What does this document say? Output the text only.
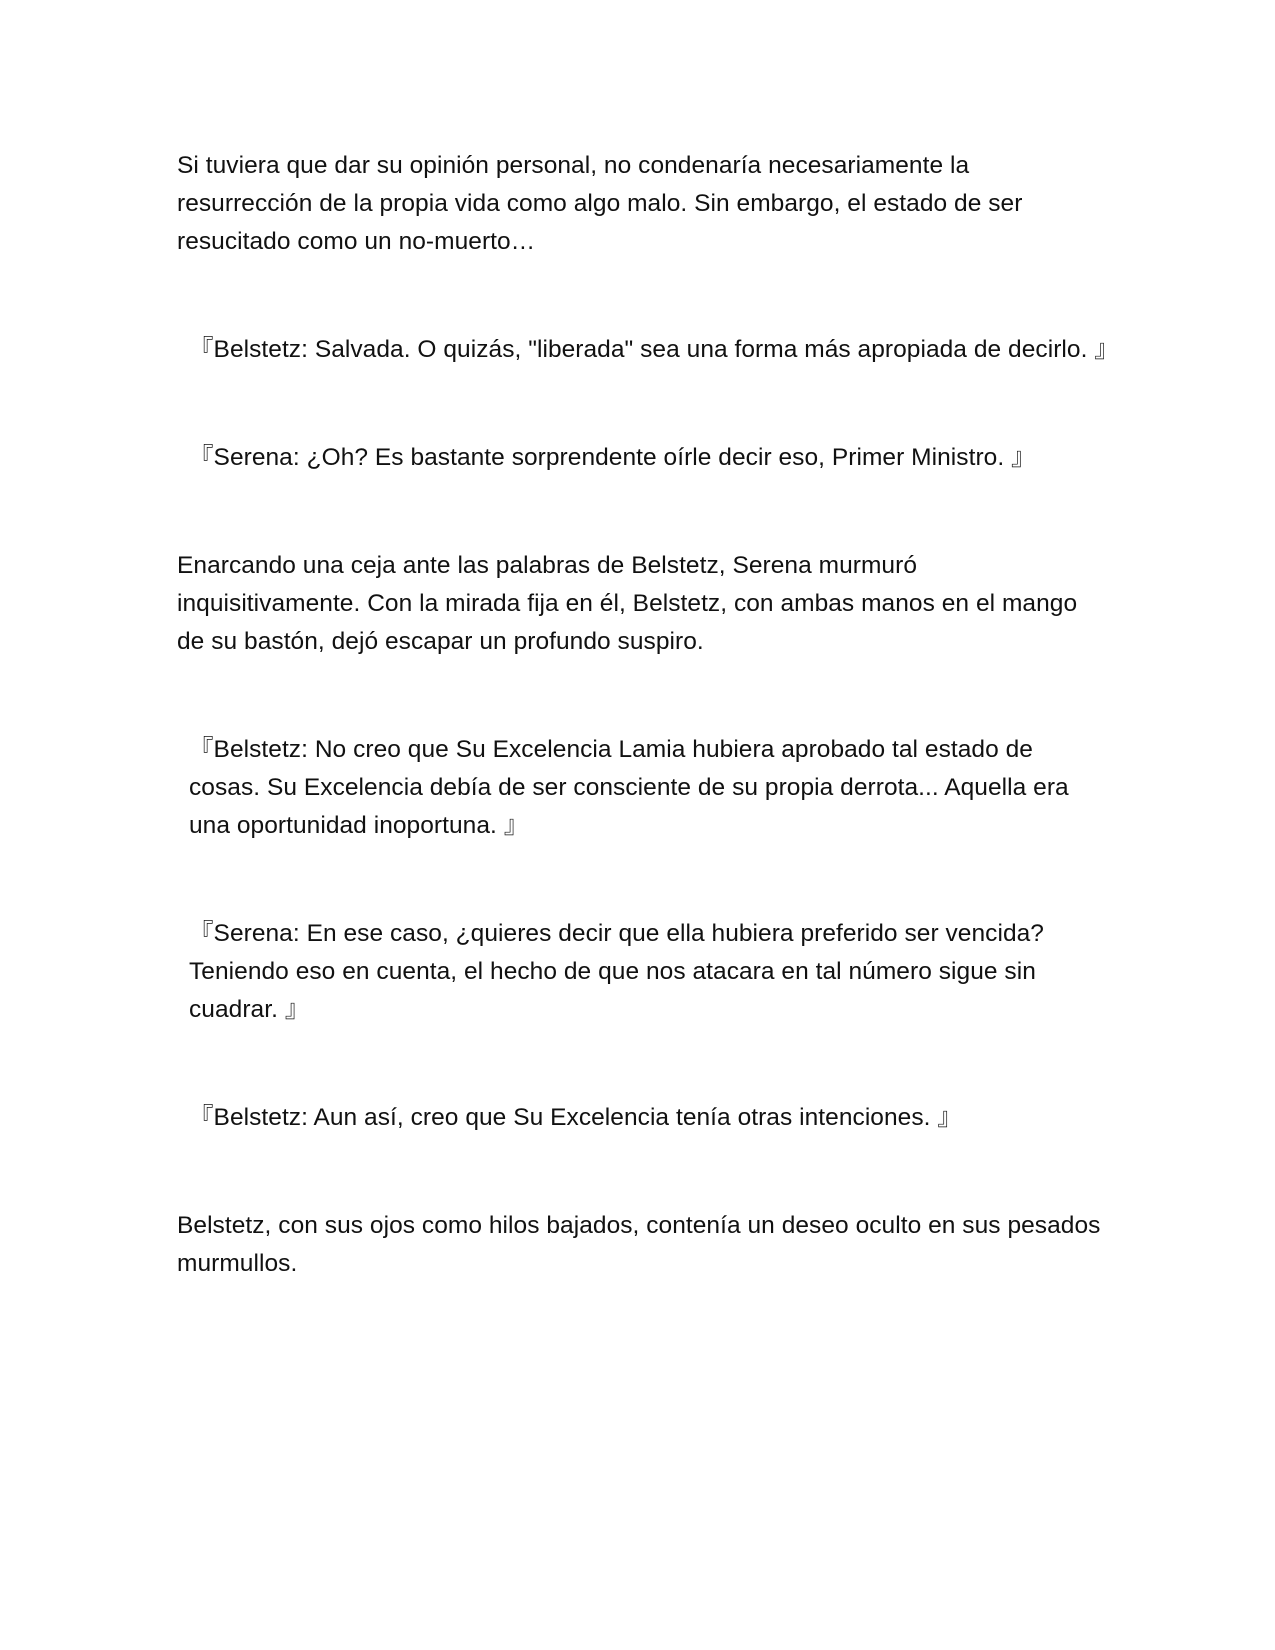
Si tuviera que dar su opinión personal, no condenaría necesariamente la resurrección de la propia vida como algo malo. Sin embargo, el estado de ser resucitado como un no-muerto…

『Belstetz: Salvada. O quizás, "liberada" sea una forma más apropiada de decirlo. 』

『Serena: ¿Oh? Es bastante sorprendente oírle decir eso, Primer Ministro. 』

Enarcando una ceja ante las palabras de Belstetz, Serena murmuró inquisitivamente. Con la mirada fija en él, Belstetz, con ambas manos en el mango de su bastón, dejó escapar un profundo suspiro.

『Belstetz: No creo que Su Excelencia Lamia hubiera aprobado tal estado de cosas. Su Excelencia debía de ser consciente de su propia derrota... Aquella era una oportunidad inoportuna. 』

『Serena: En ese caso, ¿quieres decir que ella hubiera preferido ser vencida? Teniendo eso en cuenta, el hecho de que nos atacara en tal número sigue sin cuadrar. 』

『Belstetz: Aun así, creo que Su Excelencia tenía otras intenciones. 』

Belstetz, con sus ojos como hilos bajados, contenía un deseo oculto en sus pesados murmullos.
